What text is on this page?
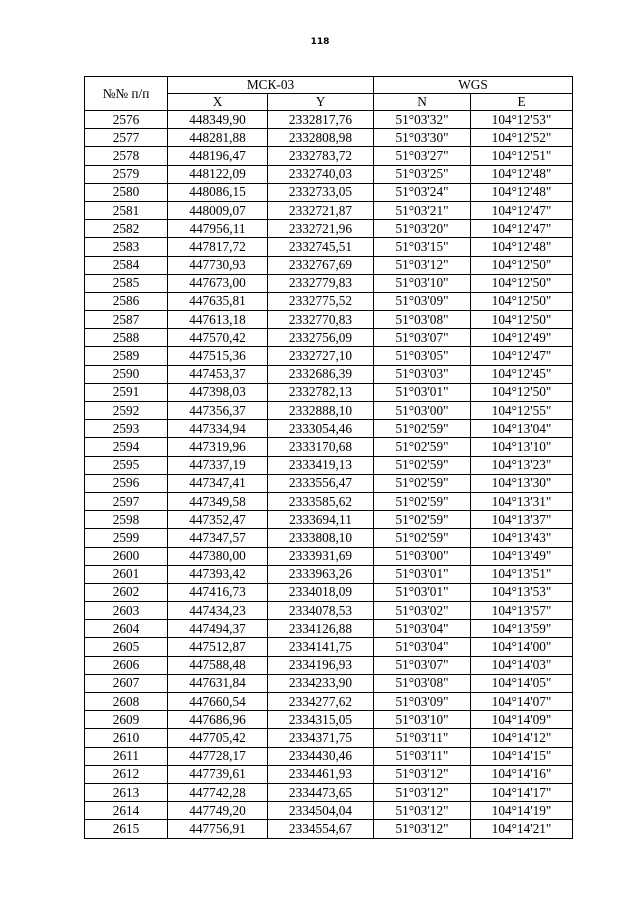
118
№№ п/п	МСК-03		WGS	
	X	Y	N	E
2576	448349,90	2332817,76	51°03'32"	104°12'53"
2577	448281,88	2332808,98	51°03'30"	104°12'52"
2578	448196,47	2332783,72	51°03'27"	104°12'51"
2579	448122,09	2332740,03	51°03'25"	104°12'48"
2580	448086,15	2332733,05	51°03'24"	104°12'48"
2581	448009,07	2332721,87	51°03'21"	104°12'47"
2582	447956,11	2332721,96	51°03'20"	104°12'47"
2583	447817,72	2332745,51	51°03'15"	104°12'48"
2584	447730,93	2332767,69	51°03'12"	104°12'50"
2585	447673,00	2332779,83	51°03'10"	104°12'50"
2586	447635,81	2332775,52	51°03'09"	104°12'50"
2587	447613,18	2332770,83	51°03'08"	104°12'50"
2588	447570,42	2332756,09	51°03'07"	104°12'49"
2589	447515,36	2332727,10	51°03'05"	104°12'47"
2590	447453,37	2332686,39	51°03'03"	104°12'45"
2591	447398,03	2332782,13	51°03'01"	104°12'50"
2592	447356,37	2332888,10	51°03'00"	104°12'55"
2593	447334,94	2333054,46	51°02'59"	104°13'04"
2594	447319,96	2333170,68	51°02'59"	104°13'10"
2595	447337,19	2333419,13	51°02'59"	104°13'23"
2596	447347,41	2333556,47	51°02'59"	104°13'30"
2597	447349,58	2333585,62	51°02'59"	104°13'31"
2598	447352,47	2333694,11	51°02'59"	104°13'37"
2599	447347,57	2333808,10	51°02'59"	104°13'43"
2600	447380,00	2333931,69	51°03'00"	104°13'49"
2601	447393,42	2333963,26	51°03'01"	104°13'51"
2602	447416,73	2334018,09	51°03'01"	104°13'53"
2603	447434,23	2334078,53	51°03'02"	104°13'57"
2604	447494,37	2334126,88	51°03'04"	104°13'59"
2605	447512,87	2334141,75	51°03'04"	104°14'00"
2606	447588,48	2334196,93	51°03'07"	104°14'03"
2607	447631,84	2334233,90	51°03'08"	104°14'05"
2608	447660,54	2334277,62	51°03'09"	104°14'07"
2609	447686,96	2334315,05	51°03'10"	104°14'09"
2610	447705,42	2334371,75	51°03'11"	104°14'12"
2611	447728,17	2334430,46	51°03'11"	104°14'15"
2612	447739,61	2334461,93	51°03'12"	104°14'16"
2613	447742,28	2334473,65	51°03'12"	104°14'17"
2614	447749,20	2334504,04	51°03'12"	104°14'19"
2615	447756,91	2334554,67	51°03'12"	104°14'21"
